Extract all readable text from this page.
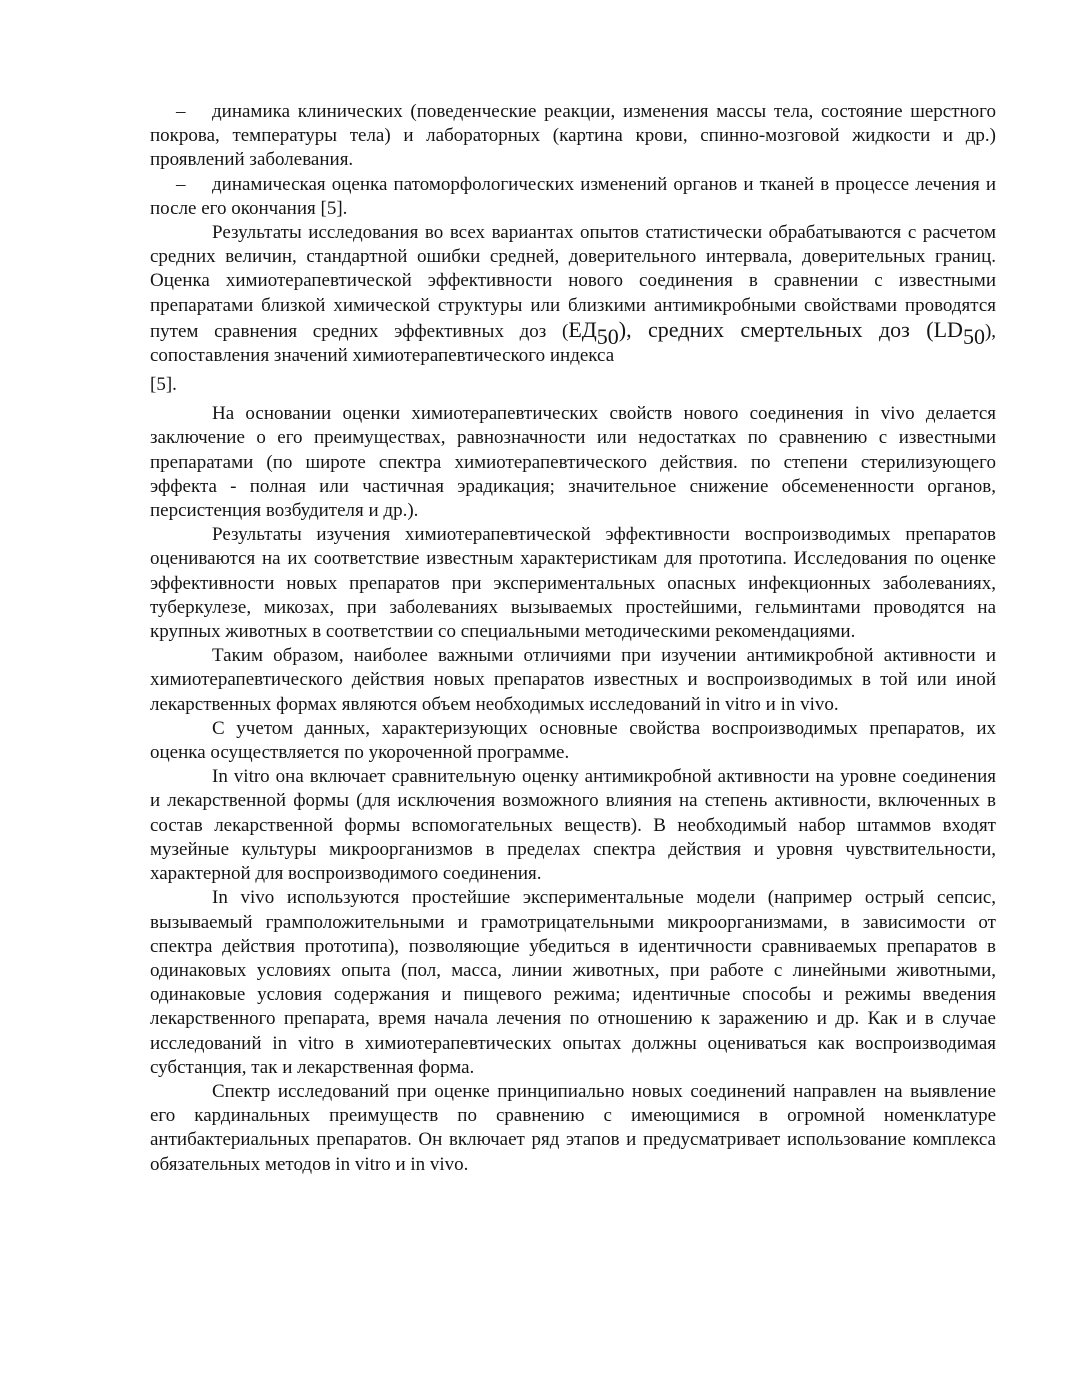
– динамика клинических (поведенческие реакции, изменения массы тела, состояние шерстного покрова, температуры тела) и лабораторных (картина крови, спинно-мозговой жидкости и др.) проявлений заболевания.

– динамическая оценка патоморфологических изменений органов и тканей в процессе лечения и после его окончания [5].

Результаты исследования во всех вариантах опытов статистически обрабатываются с расчетом средних величин, стандартной ошибки средней, доверительного интервала, доверительных границ. Оценка химиотерапевтической эффективности нового соединения в сравнении с известными препаратами близкой химической структуры или близкими антимикробными свойствами проводятся путем сравнения средних эффективных доз (ЕД50), средних смертельных доз (LD50), сопоставления значений химиотерапевтического индекса

[5].

На основании оценки химиотерапевтических свойств нового соединения in vivo делается заключение о его преимуществах, равнозначности или недостатках по сравнению с известными препаратами (по широте спектра химиотерапевтического действия. по степени стерилизующего эффекта - полная или частичная эрадикация; значительное снижение обсемененности органов, персистенция возбудителя и др.).

Результаты изучения химиотерапевтической эффективности воспроизводимых препаратов оцениваются на их соответствие известным характеристикам для прототипа. Исследования по оценке эффективности новых препаратов при экспериментальных опасных инфекционных заболеваниях, туберкулезе, микозах, при заболеваниях вызываемых простейшими, гельминтами проводятся на крупных животных в соответствии со специальными методическими рекомендациями.

Таким образом, наиболее важными отличиями при изучении антимикробной активности и химиотерапевтического действия новых препаратов известных и воспроизводимых в той или иной лекарственных формах являются объем необходимых исследований in vitro и in vivo.

С учетом данных, характеризующих основные свойства воспроизводимых препаратов, их оценка осуществляется по укороченной программе.

In vitro она включает сравнительную оценку антимикробной активности на уровне соединения и лекарственной формы (для исключения возможного влияния на степень активности, включенных в состав лекарственной формы вспомогательных веществ). В необходимый набор штаммов входят музейные культуры микроорганизмов в пределах спектра действия и уровня чувствительности, характерной для воспроизводимого соединения.

In vivo используются простейшие экспериментальные модели (например острый сепсис, вызываемый грамположительными и грамотрицательными микроорганизмами, в зависимости от спектра действия прототипа), позволяющие убедиться в идентичности сравниваемых препаратов в одинаковых условиях опыта (пол, масса, линии животных, при работе с линейными животными, одинаковые условия содержания и пищевого режима; идентичные способы и режимы введения лекарственного препарата, время начала лечения по отношению к заражению и др. Как и в случае исследований in vitro в химиотерапевтических опытах должны оцениваться как воспроизводимая субстанция, так и лекарственная форма.

Спектр исследований при оценке принципиально новых соединений направлен на выявление его кардинальных преимуществ по сравнению с имеющимися в огромной номенклатуре антибактериальных препаратов. Он включает ряд этапов и предусматривает использование комплекса обязательных методов in vitro и in vivo.
